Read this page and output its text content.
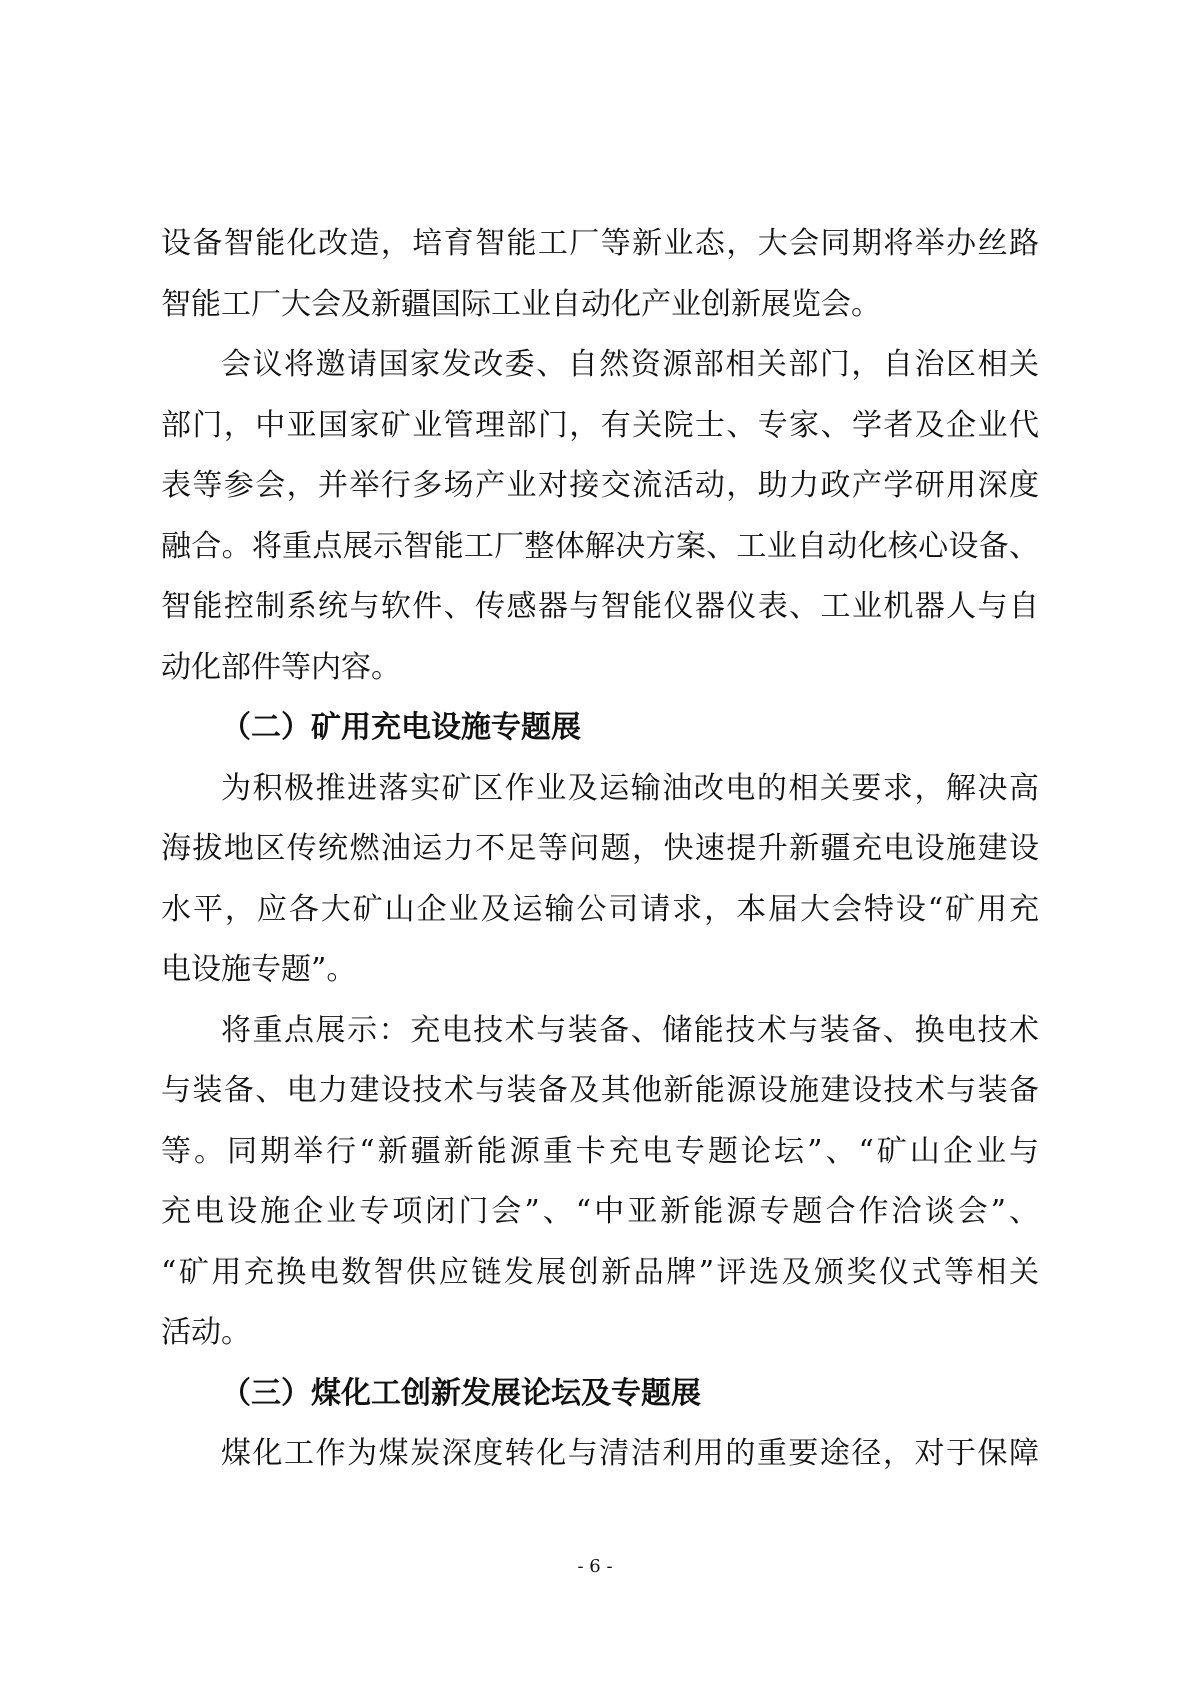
设备智能化改造，培育智能工厂等新业态，大会同期将举办丝路
智能工厂大会及新疆国际工业自动化产业创新展览会。
会议将邀请国家发改委、自然资源部相关部门，自治区相关
部门，中亚国家矿业管理部门，有关院士、专家、学者及企业代
表等参会，并举行多场产业对接交流活动，助力政产学研用深度
融合。将重点展示智能工厂整体解决方案、工业自动化核心设备、
智能控制系统与软件、传感器与智能仪器仪表、工业机器人与自
动化部件等内容。
（二）矿用充电设施专题展
为积极推进落实矿区作业及运输油改电的相关要求，解决高
海拔地区传统燃油运力不足等问题，快速提升新疆充电设施建设
水平，应各大矿山企业及运输公司请求，本届大会特设“矿用充
电设施专题”。
将重点展示：充电技术与装备、储能技术与装备、换电技术
与装备、电力建设技术与装备及其他新能源设施建设技术与装备
等。同期举行“新疆新能源重卡充电专题论坛”、“矿山企业与
充电设施企业专项闭门会”、“中亚新能源专题合作洽谈会”、
“矿用充换电数智供应链发展创新品牌”评选及颁奖仪式等相关
活动。
（三）煤化工创新发展论坛及专题展
煤化工作为煤炭深度转化与清洁利用的重要途径，对于保障
- 6 -
